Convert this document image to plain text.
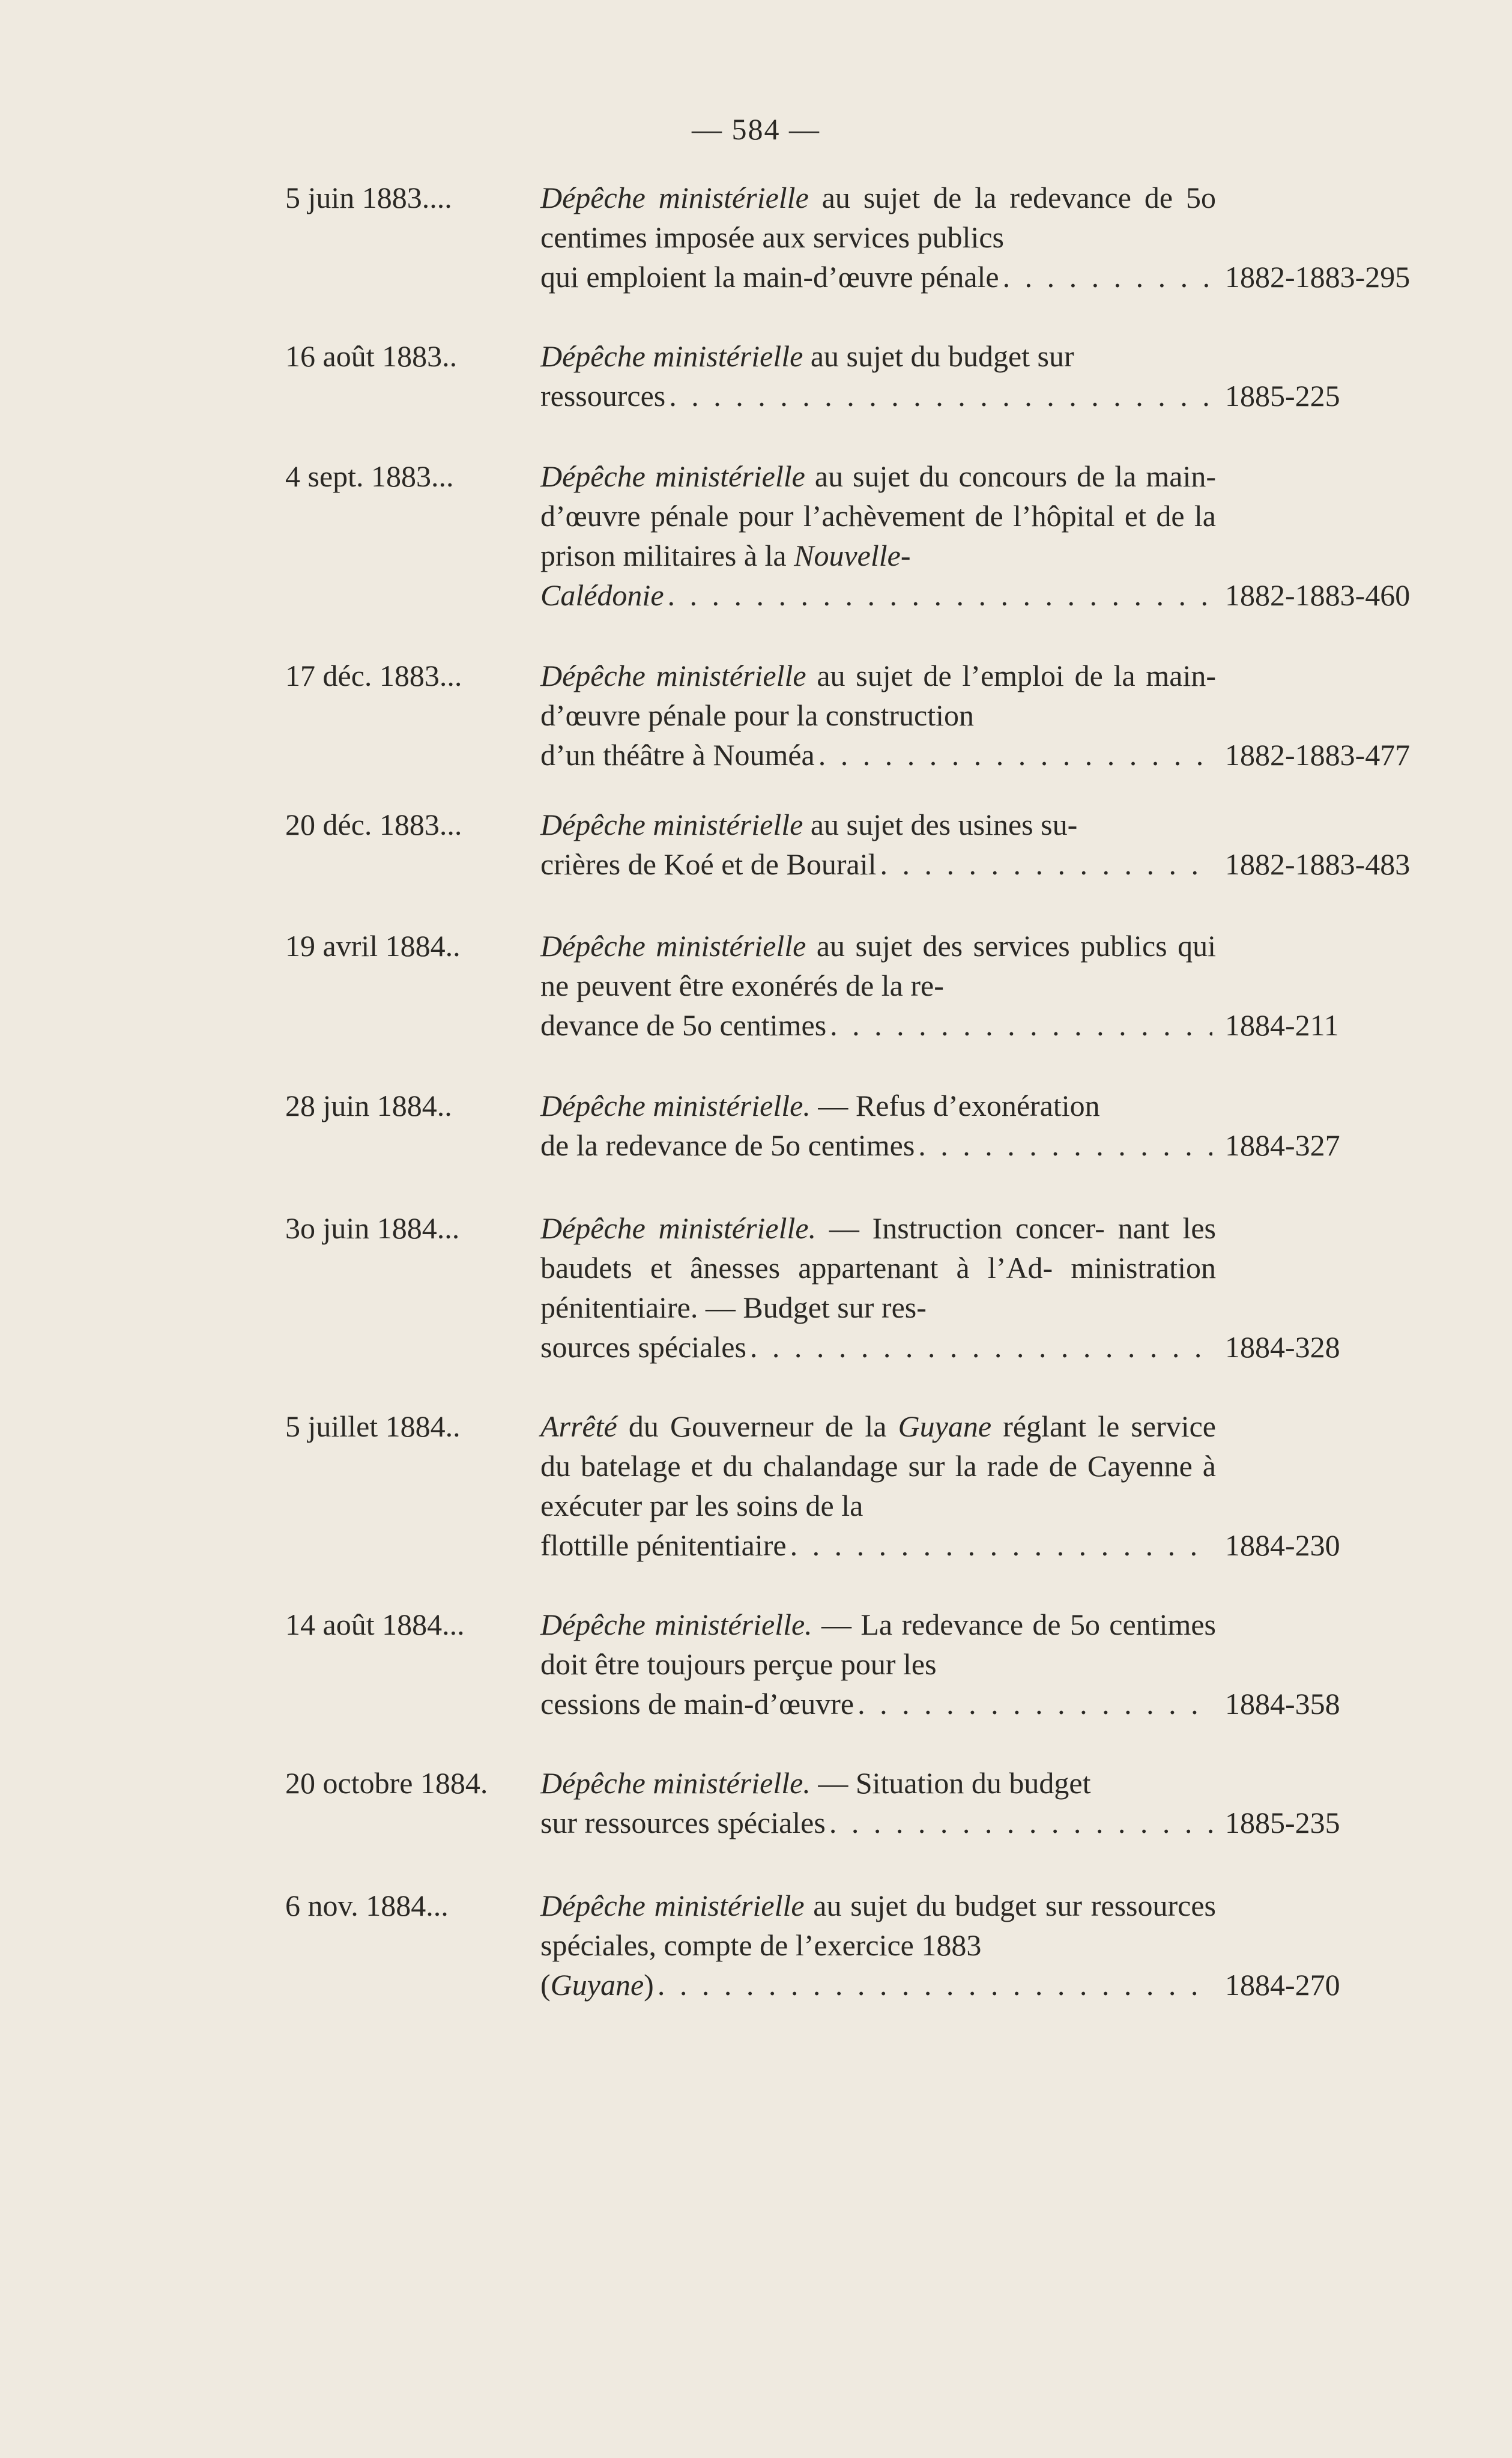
— 584 —
5 juin 1883....	Dépêche ministérielle au sujet de la redevance de 5o centimes imposée aux services publics

qui emploient la main-d’œuvre pénale . . .	1882-1883-295
16 août 1883..	Dépêche ministérielle au sujet du budget sur

ressources . . .	1885-225
4 sept. 1883...	Dépêche ministérielle au sujet du concours de la main-d’œuvre pénale pour l’achèvement de l’hôpital et de la prison militaires à la Nouvelle-

Calédonie . . .	1882-1883-460
17 déc. 1883...	Dépêche ministérielle au sujet de l’emploi de la main-d’œuvre pénale pour la construction

d’un théâtre à Nouméa . . .	1882-1883-477
20 déc. 1883...	Dépêche ministérielle au sujet des usines su-

crières de Koé et de Bourail . . .	1882-1883-483
19 avril 1884..	Dépêche ministérielle au sujet des services publics qui ne peuvent être exonérés de la re-

devance de 5o centimes . . .	1884-211
28 juin 1884..	Dépêche ministérielle. — Refus d’exonération

de la redevance de 5o centimes . . .	1884-327
3o juin 1884...	Dépêche ministérielle. — Instruction concer- nant les baudets et ânesses appartenant à l’Ad- ministration pénitentiaire. — Budget sur res-

sources spéciales . . .	1884-328
5 juillet 1884..	Arrêté du Gouverneur de la Guyane réglant le service du batelage et du chalandage sur la rade de Cayenne à exécuter par les soins de la

flottille pénitentiaire . . .	1884-230
14 août 1884...	Dépêche ministérielle. — La redevance de 5o centimes doit être toujours perçue pour les

cessions de main-d’œuvre . . .	1884-358
20 octobre 1884. Dépêche ministérielle. — Situation du budget

sur ressources spéciales . . .	1885-235
6 nov. 1884...	Dépêche ministérielle au sujet du budget sur ressources spéciales, compte de l’exercice 1883

(Guyane) . . .	1884-270
